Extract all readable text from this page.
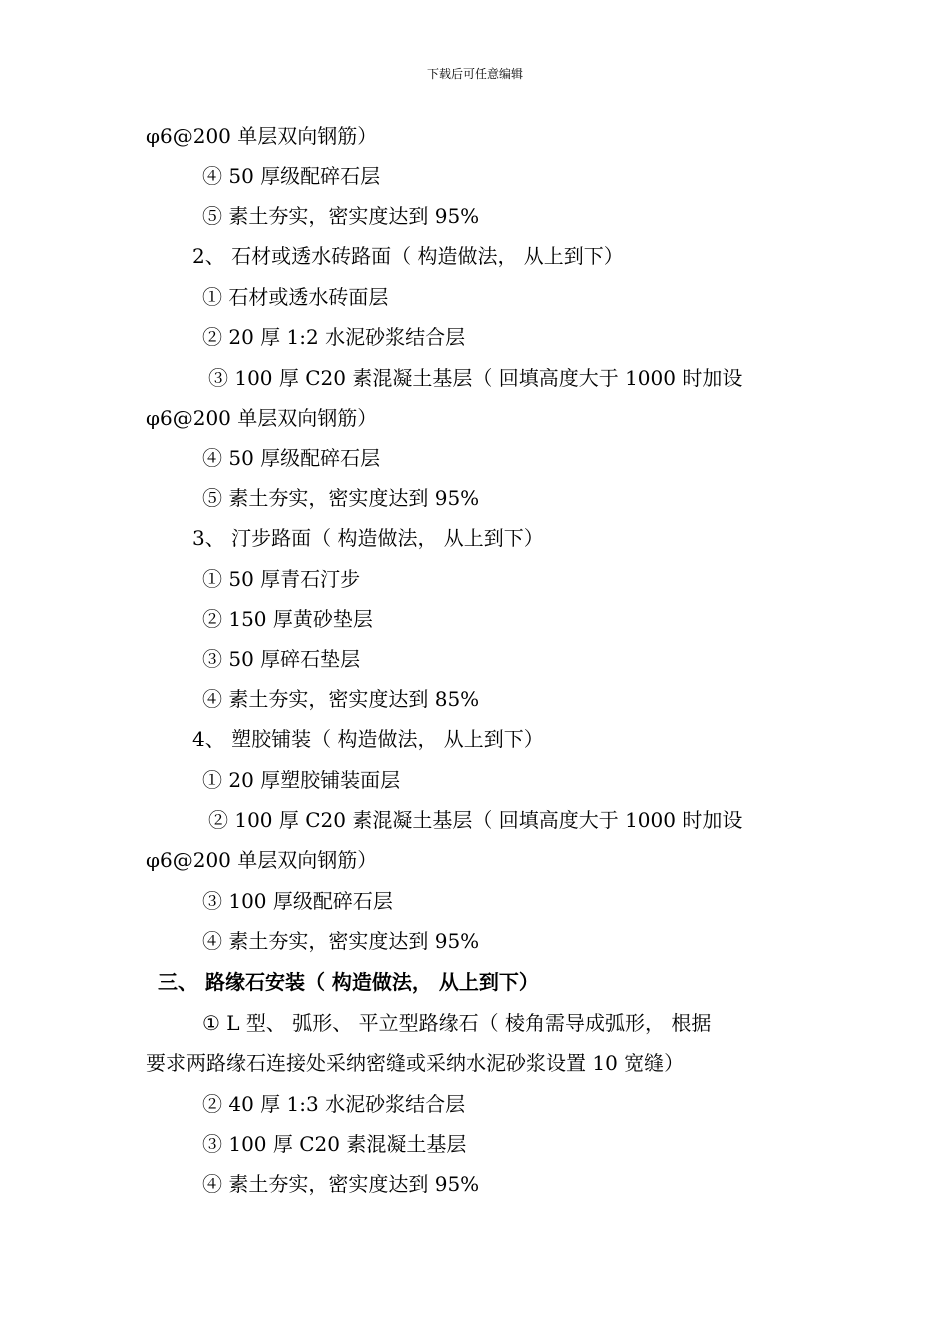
下载后可任意编辑
φ6@200 单层双向钢筋）
④ 50 厚级配碎石层
⑤ 素土夯实，密实度达到 95%
2、 石材或透水砖路面（ 构造做法， 从上到下）
① 石材或透水砖面层
② 20 厚 1:2 水泥砂浆结合层
③ 100 厚 C20 素混凝土基层（ 回填高度大于 1000 时加设
φ6@200 单层双向钢筋）
④ 50 厚级配碎石层
⑤ 素土夯实，密实度达到 95%
3、 汀步路面（ 构造做法， 从上到下）
① 50 厚青石汀步
② 150 厚黄砂垫层
③ 50 厚碎石垫层
④ 素土夯实，密实度达到 85%
4、 塑胶铺装（ 构造做法， 从上到下）
① 20 厚塑胶铺装面层
② 100 厚 C20 素混凝土基层（ 回填高度大于 1000 时加设
φ6@200 单层双向钢筋）
③ 100 厚级配碎石层
④ 素土夯实，密实度达到 95%
三、 路缘石安装（ 构造做法， 从上到下）
① L 型、 弧形、 平立型路缘石（ 棱角需导成弧形， 根据
要求两路缘石连接处采纳密缝或采纳水泥砂浆设置 10 宽缝）
② 40 厚 1:3 水泥砂浆结合层
③ 100 厚 C20 素混凝土基层
④ 素土夯实，密实度达到 95%
